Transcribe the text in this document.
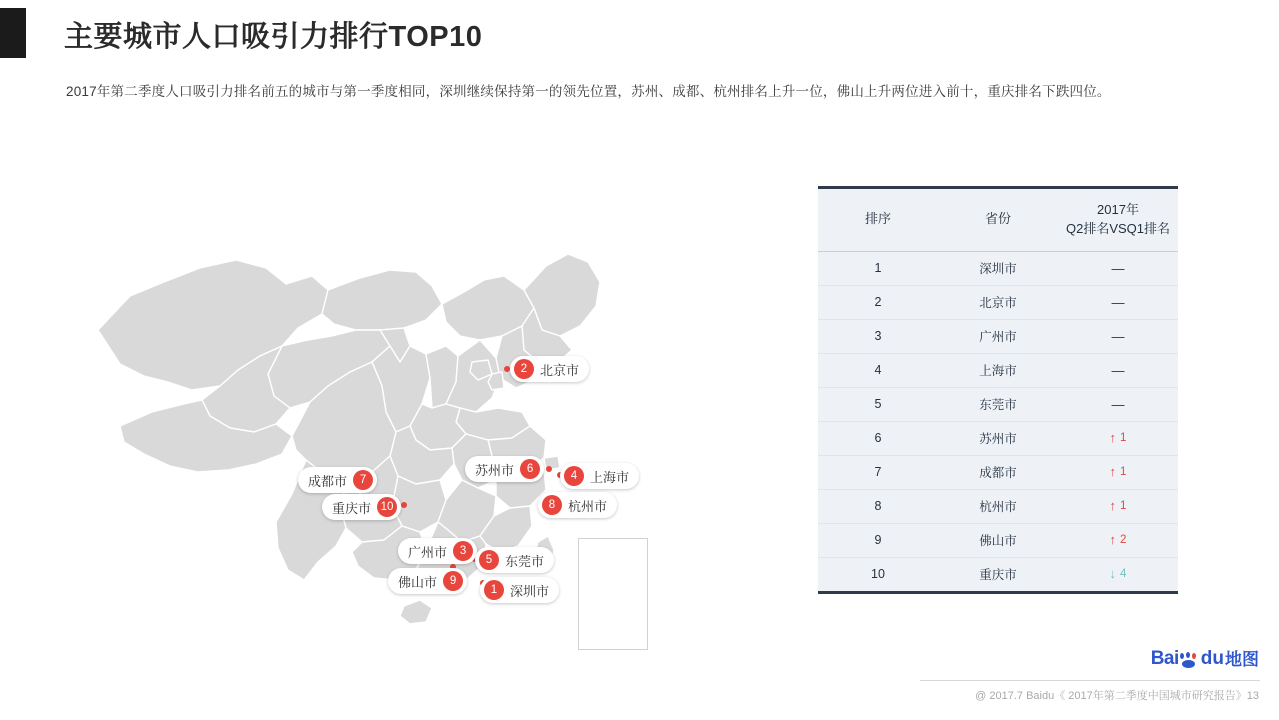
主要城市人口吸引力排行TOP10
2017年第二季度人口吸引力排名前五的城市与第一季度相同，深圳继续保持第一的领先位置，苏州、成都、杭州排名上升一位，佛山上升两位进入前十，重庆排名下跌四位。
2 北京市
苏州市	6
4 上海市
8 杭州市
成都市	7
重庆市 10
广州市	3
5 东莞市
佛山市	9
1 深圳市
排序	省份	2017年
Q2排名VSQ1排名

1	深圳市	—
2	北京市	—
3	广州市	—
4	上海市	—
5	东莞市	—
6	苏州市	↑ 1

7	成都市	↑ 1

8	杭州市	↑ 1

9	佛山市	↑ 2

10	重庆市	↓ 4
Bai du 地图
@ 2017.7 Baidu《 2017年第二季度中国城市研究报告》13
